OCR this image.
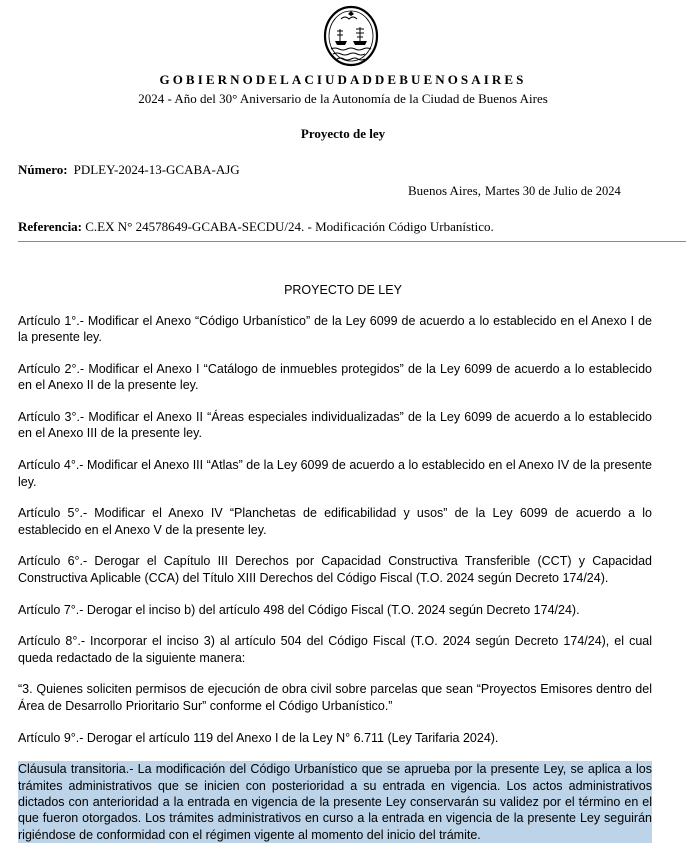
GOBIERNODELACIUDADDEBUENOSAIRES
2024 - Año del 30° Aniversario de la Autonomía de la Ciudad de Buenos Aires
Proyecto de ley
Número: PDLEY-2024-13-GCABA-AJG
Buenos Aires, Martes 30 de Julio de 2024
Referencia: C.EX N° 24578649-GCABA-SECDU/24. - Modificación Código Urbanístico.
PROYECTO DE LEY

Artículo 1°.- Modificar el Anexo “Código Urbanístico” de la Ley 6099 de acuerdo a lo establecido en el Anexo I de la presente ley.

Artículo 2°.- Modificar el Anexo I “Catálogo de inmuebles protegidos” de la Ley 6099 de acuerdo a lo establecido en el Anexo II de la presente ley.

Artículo 3°.- Modificar el Anexo II “Áreas especiales individualizadas” de la Ley 6099 de acuerdo a lo establecido en el Anexo III de la presente ley.

Artículo 4°.- Modificar el Anexo III “Atlas” de la Ley 6099 de acuerdo a lo establecido en el Anexo IV de la presente ley.

Artículo 5°.- Modificar el Anexo IV “Planchetas de edificabilidad y usos” de la Ley 6099 de acuerdo a lo establecido en el Anexo V de la presente ley.

Artículo 6°.- Derogar el Capítulo III Derechos por Capacidad Constructiva Transferible (CCT) y Capacidad Constructiva Aplicable (CCA) del Título XIII Derechos del Código Fiscal (T.O. 2024 según Decreto 174/24).

Artículo 7°.- Derogar el inciso b) del artículo 498 del Código Fiscal (T.O. 2024 según Decreto 174/24).

Artículo 8°.- Incorporar el inciso 3) al artículo 504 del Código Fiscal (T.O. 2024 según Decreto 174/24), el cual queda redactado de la siguiente manera:

“3. Quienes soliciten permisos de ejecución de obra civil sobre parcelas que sean “Proyectos Emisores dentro del Área de Desarrollo Prioritario Sur” conforme el Código Urbanístico.”

Artículo 9°.- Derogar el artículo 119 del Anexo I de la Ley N° 6.711 (Ley Tarifaria 2024).

Cláusula transitoria.- La modificación del Código Urbanístico que se aprueba por la presente Ley, se aplica a los trámites administrativos que se inicien con posterioridad a su entrada en vigencia. Los actos administrativos dictados con anterioridad a la entrada en vigencia de la presente Ley conservarán su validez por el término en el que fueron otorgados. Los trámites administrativos en curso a la entrada en vigencia de la presente Ley seguirán rigiéndose de conformidad con el régimen vigente al momento del inicio del trámite.
